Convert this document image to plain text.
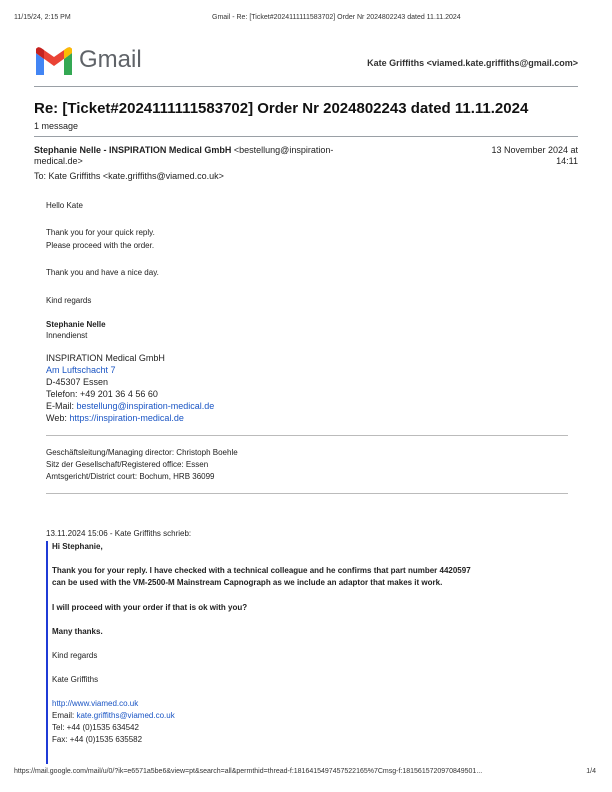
11/15/24, 2:15 PM	Gmail - Re: [Ticket#2024111111583702] Order Nr 2024802243 dated 11.11.2024
Gmail	Kate Griffiths <viamed.kate.griffiths@gmail.com>
Re: [Ticket#2024111111583702] Order Nr 2024802243 dated 11.11.2024
1 message
Stephanie Nelle - INSPIRATION Medical GmbH <bestellung@inspiration-
medical.de>
13 November 2024 at
14:11
To: Kate Griffiths <kate.griffiths@viamed.co.uk>
Hello Kate
Thank you for your quick reply.
Please proceed with the order.
Thank you and have a nice day.
Kind regards
Stephanie Nelle
Innendienst
INSPIRATION Medical GmbH
Am Luftschacht 7
D-45307 Essen
Telefon: +49 201 36 4 56 60
E-Mail: bestellung@inspiration-medical.de
Web: https://inspiration-medical.de
Geschäftsleitung/Managing director: Christoph Boehle
Sitz der Gesellschaft/Registered office: Essen
Amtsgericht/District court: Bochum, HRB 36099
13.11.2024 15:06 - Kate Griffiths schrieb:
Hi Stephanie,
Thank you for your reply. I have checked with a technical colleague and he confirms that part number 4420597
can be used with the VM-2500-M Mainstream Capnograph as we include an adaptor that makes it work.
I will proceed with your order if that is ok with you?
Many thanks.
Kind regards
Kate Griffiths
http://www.viamed.co.uk
Email: kate.griffiths@viamed.co.uk
Tel: +44 (0)1535 634542
Fax: +44 (0)1535 635582
https://mail.google.com/mail/u/0/?ik=e6571a5be6&view=pt&search=all&permthid=thread-f:1816415497457522165%7Cmsg-f:1815615720970849501...	1/4
